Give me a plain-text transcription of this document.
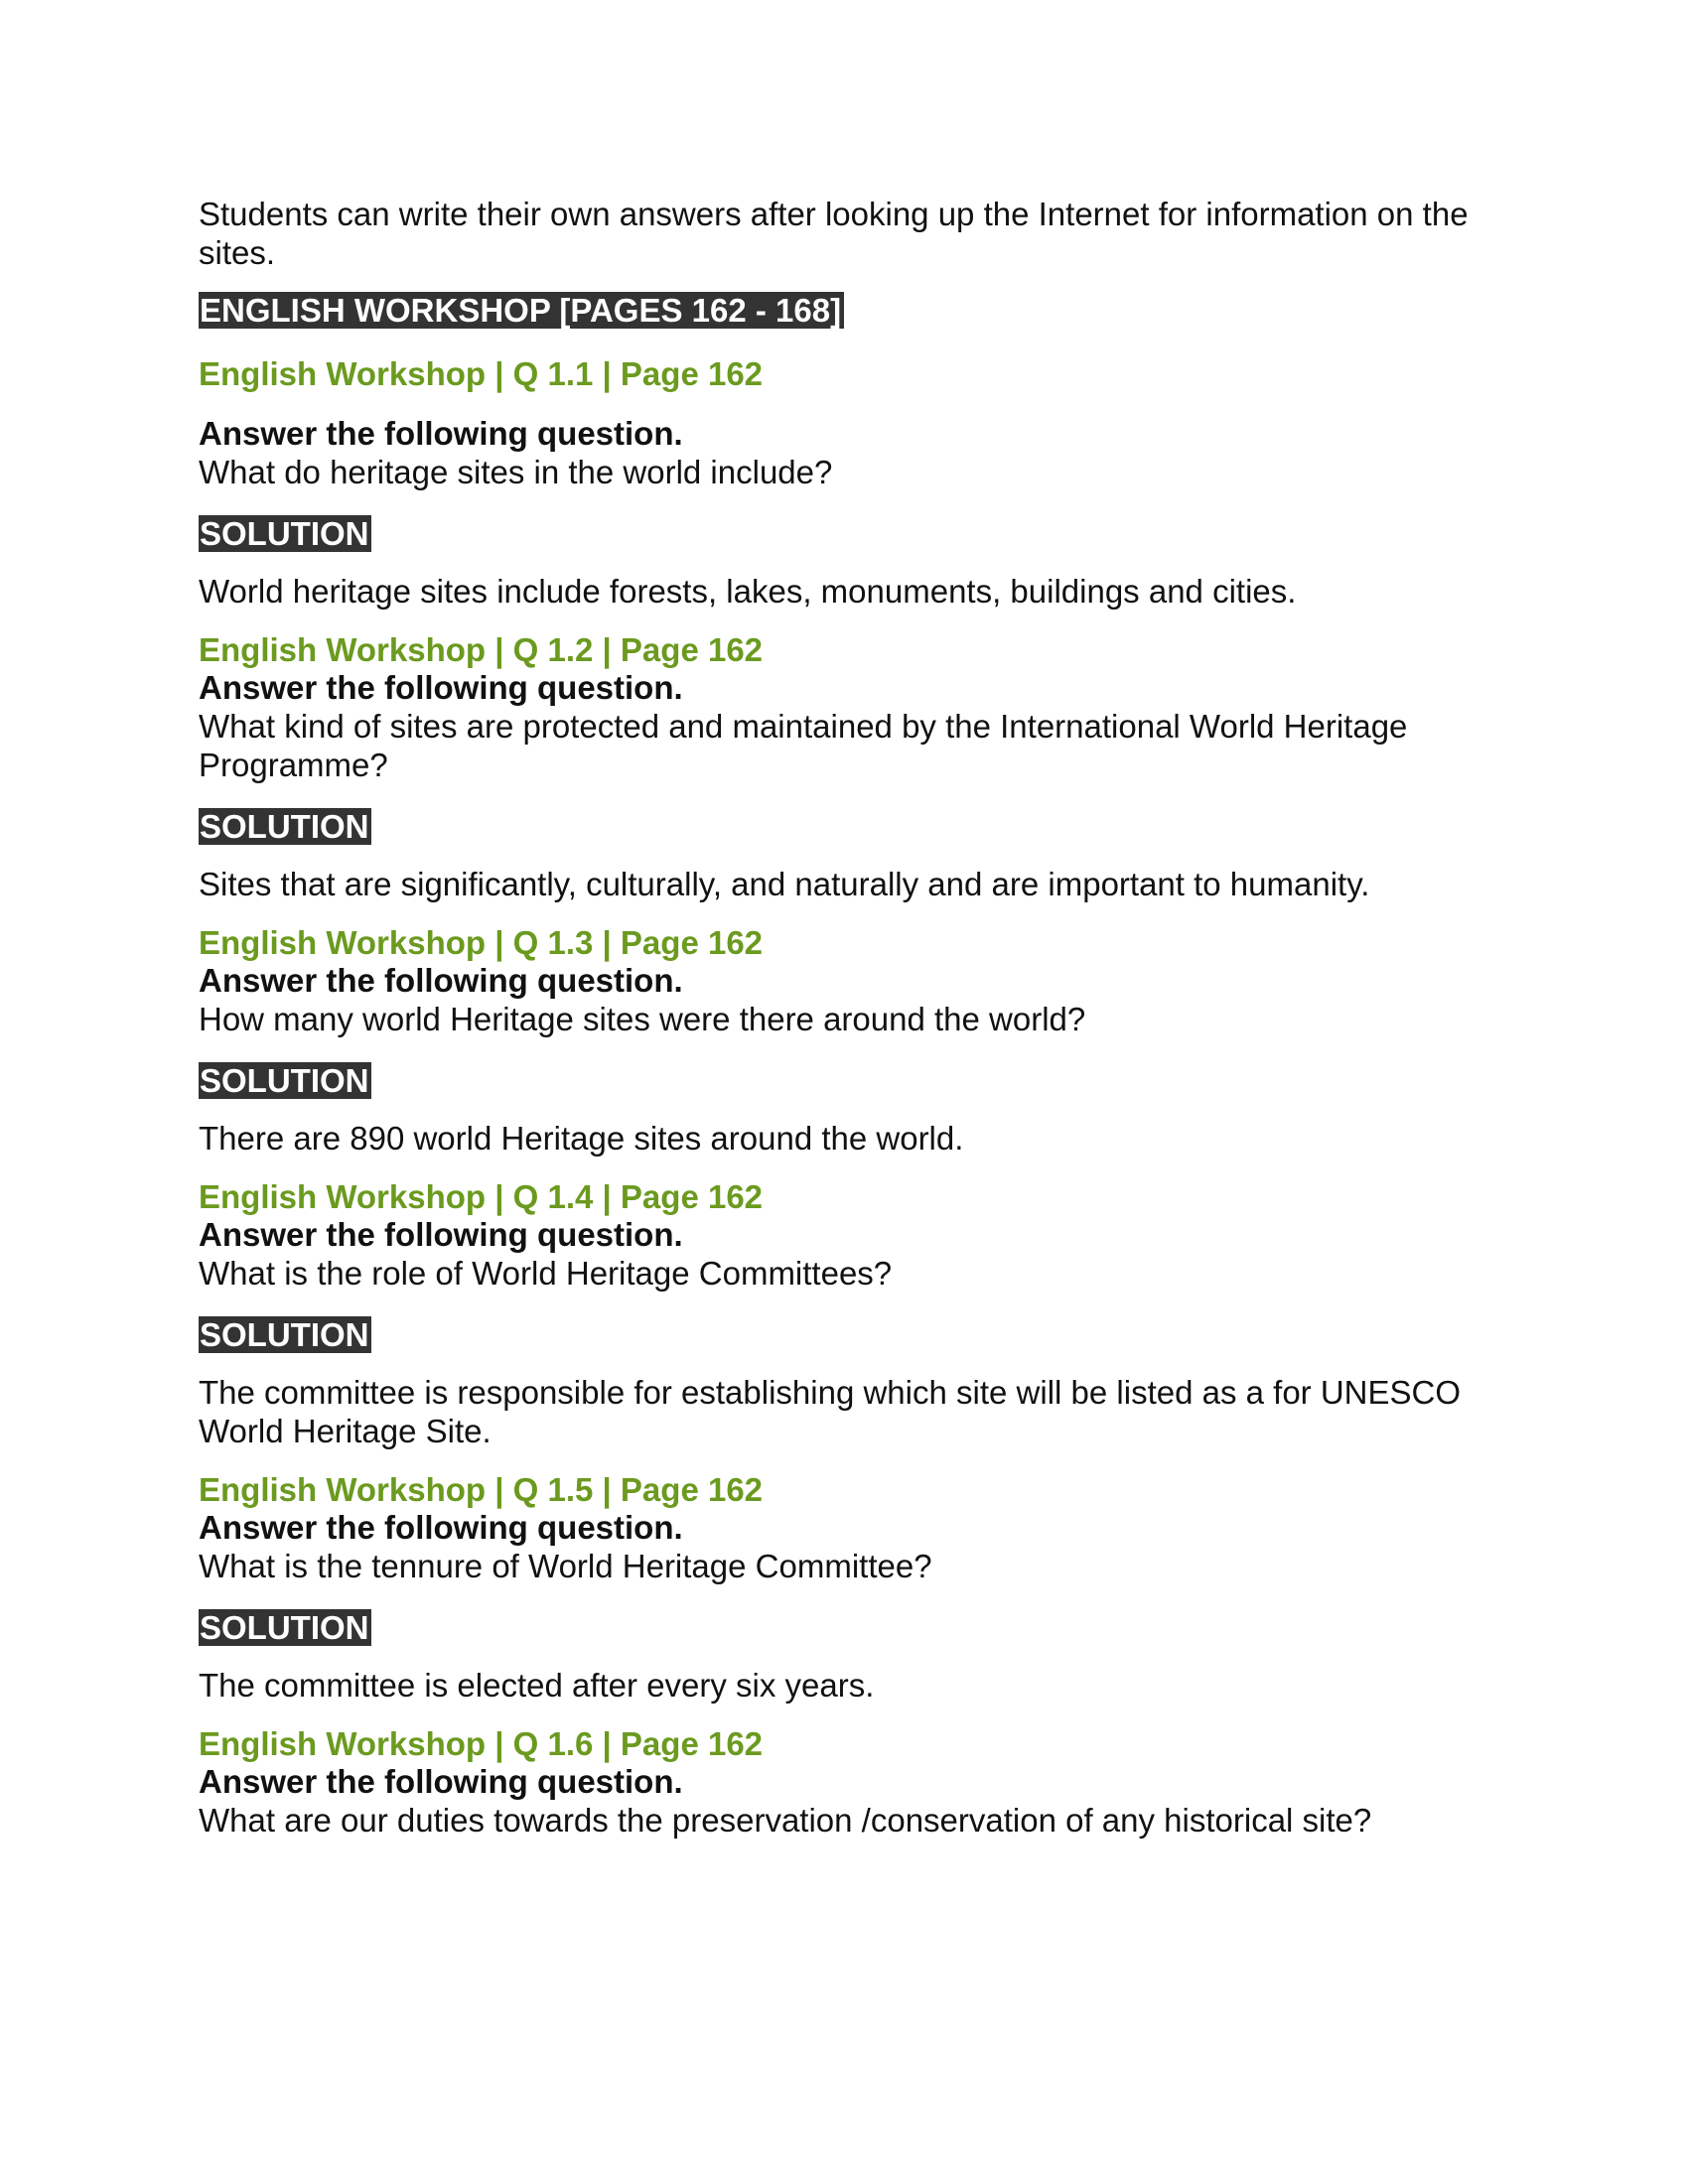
Students can write their own answers after looking up the Internet for information on the sites.

ENGLISH WORKSHOP [PAGES 162 - 168]

English Workshop | Q 1.1 | Page 162

Answer the following question.

What do heritage sites in the world include?

SOLUTION

World heritage sites include forests, lakes, monuments, buildings and cities.

English Workshop | Q 1.2 | Page 162

Answer the following question.

What kind of sites are protected and maintained by the International World Heritage Programme?

SOLUTION

Sites that are significantly, culturally, and naturally and are important to humanity.

English Workshop | Q 1.3 | Page 162

Answer the following question.

How many world Heritage sites were there around the world?

SOLUTION

There are 890 world Heritage sites around the world.

English Workshop | Q 1.4 | Page 162

Answer the following question.

What is the role of World Heritage Committees?

SOLUTION

The committee is responsible for establishing which site will be listed as a for UNESCO World Heritage Site.

English Workshop | Q 1.5 | Page 162

Answer the following question.

What is the tennure of World Heritage Committee?

SOLUTION

The committee is elected after every six years.

English Workshop | Q 1.6 | Page 162

Answer the following question.

What are our duties towards the preservation /conservation of any historical site?
